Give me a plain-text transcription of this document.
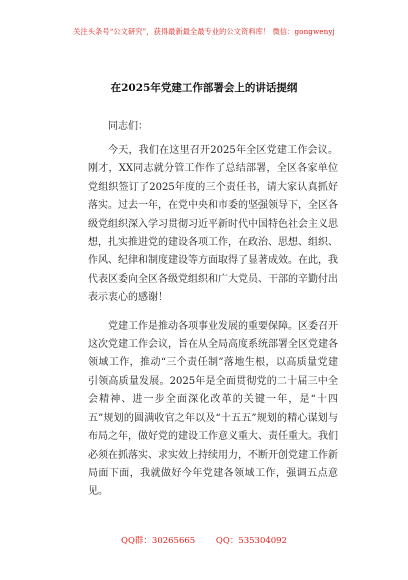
关注头条号“公文研究”，获得最新最全最专业的公文资料库！ 微信：gongwenyj
在2025年党建工作部署会上的讲话提纲

同志们：

今天，我们在这里召开2025年全区党建工作会议。刚才，XX同志就分管工作作了总结部署，全区各家单位党组织签订了2025年度的三个责任书，请大家认真抓好落实。过去一年，在党中央和市委的坚强领导下，全区各级党组织深入学习贯彻习近平新时代中国特色社会主义思想，扎实推进党的建设各项工作，在政治、思想、组织、作风、纪律和制度建设等方面取得了显著成效。在此，我代表区委向全区各级党组织和广大党员、干部的辛勤付出表示衷心的感谢！

党建工作是推动各项事业发展的重要保障。区委召开这次党建工作会议，旨在从全局高度系统部署全区党建各领域工作，推动“三个责任制”落地生根，以高质量党建引领高质量发展。2025年是全面贯彻党的二十届三中全会精神、进一步全面深化改革的关键一年，是“十四五”规划的圆满收官之年以及“十五五”规划的精心谋划与布局之年，做好党的建设工作意义重大、责任重大。我们必须在抓落实、求实效上持续用力，不断开创党建工作新局面下面，我就做好今年党建各领域工作，强调五点意见。

QQ群：30265665 QQ：535304092
